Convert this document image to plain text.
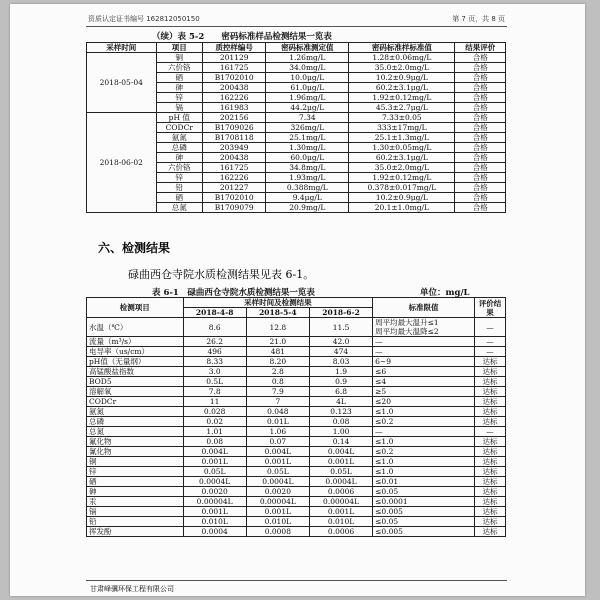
资质认定证书编号 162812050150	第 7 页，共 8 页
（续）表 5-2　　密码标准样品检测结果一览表
采样时间	项目	质控样编号	密码标准测定值	密码标准样标准值	结果评价
2018-05-04	铜	201129	1.26mg/L	1.28±0.06mg/L	合格
	六价铬	161725	34.0mg/L	35.0±2.0mg/L	合格
	硒	B1702010	10.0μg/L	10.2±0.9μg/L	合格
	砷	200438	61.0μg/L	60.2±3.1μg/L	合格
	锌	162226	1.96mg/L	1.92±0.12mg/L	合格
	镉	161983	44.2μg/L	45.3±2.7μg/L	合格
2018-06-02	pH 值	202156	7.34	7.33±0.05	合格
	CODCr	B1709026	326mg/L	333±17mg/L	合格
	氨氮	B1708118	25.1mg/L	25.1±1.3mg/L	合格
	总磷	203949	1.30mg/L	1.30±0.05mg/L	合格
	砷	200438	60.0μg/L	60.2±3.1μg/L	合格
	六价铬	161725	34.8mg/L	35.0±2.0mg/L	合格
	锌	162226	1.93mg/L	1.92±0.12mg/L	合格
	铅	201227	0.388mg/L	0.378±0.017mg/L	合格
	硒	B1702010	9.4μg/L	10.2±0.9μg/L	合格
	总氮	B1709079	20.9mg/L	20.1±1.0mg/L	合格
六、检测结果
碌曲西仓寺院水质检测结果见表 6-1。
表 6-1　碌曲西仓寺院水质检测结果一览表	单位：mg/L
检测项目	采样时间及检测结果			标准限值	评价结果
	2018-4-8	2018-5-4	2018-6-2		
水温（℃）	8.6	12.8	11.5	周平均最大温升≤1
周平均最大温降≤2	—
流量（m³/s）	26.2	21.0	42.0	—	—
电导率（us/cm）	496	481	474	—	—
pH值（无量纲）	8.33	8.20	8.03	6~9	达标
高锰酸盐指数	3.0	2.8	1.9	≤6	达标
BOD5	0.5L	0.8	0.9	≤4	达标
溶解氧	7.8	7.9	6.8	≥5	达标
CODCr	11	7	4L	≤20	达标
氨氮	0.028	0.048	0.123	≤1.0	达标
总磷	0.02	0.01L	0.08	≤0.2	达标
总氮	1.01	1.06	1.00	—	—
氟化物	0.08	0.07	0.14	≤1.0	达标
氰化物	0.004L	0.004L	0.004L	≤0.2	达标
铜	0.001L	0.001L	0.001L	≤1.0	达标
锌	0.05L	0.05L	0.05L	≤1.0	达标
硒	0.0004L	0.0004L	0.0004L	≤0.01	达标
砷	0.0020	0.0020	0.0006	≤0.05	达标
汞	0.00004L	0.00004L	0.00004L	≤0.0001	达标
镉	0.001L	0.001L	0.001L	≤0.005	达标
铅	0.010L	0.010L	0.010L	≤0.05	达标
挥发酚	0.0004	0.0008	0.0006	≤0.005	达标
甘肃峰骥环保工程有限公司
